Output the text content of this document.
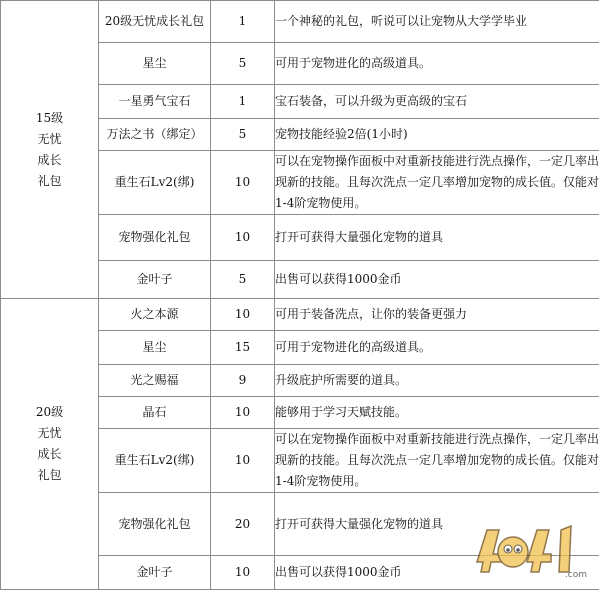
15级
无忧
成长
礼包	20级无忧成长礼包	1	一个神秘的礼包，听说可以让宠物从大学学毕业
	星尘	5	可用于宠物进化的高级道具。
	一星勇气宝石	1	宝石装备，可以升级为更高级的宝石
	万法之书（绑定）	5	宠物技能经验2倍(1小时)
	重生石Lv2(绑)	10	可以在宠物操作面板中对重新技能进行洗点操作，一定几率出现新的技能。且每次洗点一定几率增加宠物的成长值。仅能对1-4阶宠物使用。
	宠物强化礼包	10	打开可获得大量强化宠物的道具
	金叶子	5	出售可以获得1000金币

20级
无忧
成长
礼包	火之本源	10	可用于装备洗点，让你的装备更强力
	星尘	15	可用于宠物进化的高级道具。
	光之赐福	9	升级庇护所需要的道具。
	晶石	10	能够用于学习天赋技能。
	重生石Lv2(绑)	10	可以在宠物操作面板中对重新技能进行洗点操作，一定几率出现新的技能。且每次洗点一定几率增加宠物的成长值。仅能对1-4阶宠物使用。
	宠物强化礼包	20	打开可获得大量强化宠物的道具
	金叶子	10	出售可以获得1000金币	.com
